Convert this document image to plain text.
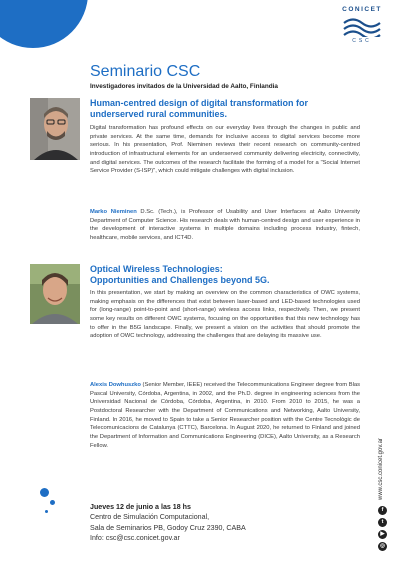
CONICET
CSC
Seminario CSC
Investigadores invitados de la Universidad de Aalto, Finlandia
Human-centred design of digital transformation for
underserved rural communities.
Digital transformation has profound effects on our everyday lives through the changes in public and private services. At the same time, demands for inclusive access to digital services become more serious. In his presentation, Prof. Nieminen reviews their recent research on community-centred introduction of infrastructural elements for an underserved community delivering electricity, connectivity, and digital services. The outcomes of the research facilitate the forming of a model for a "Social Internet Service Provider (S-ISP)", which could mitigate challenges with digital inclusion.
Marko Nieminen D.Sc. (Tech.), is Professor of Usability and User Interfaces at Aalto University Department of Computer Science. His research deals with human-centred design and user experience in the development of interactive systems in multiple domains including process industry, fintech, healthcare, mobile services, and ICT4D.
Optical Wireless Technologies:
Opportunities and Challenges beyond 5G.
In this presentation, we start by making an overview on the common characteristics of OWC systems, making emphasis on the differences that exist between laser-based and LED-based technologies used for (long-range) point-to-point and (short-range) wireless access links, respectively. Then, we present some key results on different OWC systems, focusing on the opportunities that this new technology has to offer in the B5G landscape. Finally, we present a vision on the activities that should promote the adoption of OWC technology, addressing the challenges that are delaying its massive use.
Alexis Dowhuszko (Senior Member, IEEE) received the Telecommunications Engineer degree from Blas Pascal University, Córdoba, Argentina, in 2002, and the Ph.D. degree in engineering sciences from the Universidad Nacional de Córdoba, Córdoba, Argentina, in 2010. From 2010 to 2015, he was a Postdoctoral Researcher with the Department of Communications and Networking, Aalto University, Finland. In 2016, he moved to Spain to take a Senior Researcher position with the Centre Tecnològic de Telecomunicacions de Catalunya (CTTC), Barcelona. In August 2020, he returned to Finland and joined the Department of Information and Communications Engineering (DICE), Aalto University, as a Research Fellow.
Jueves 12 de junio a las 18 hs
Centro de Simulación Computacional,
Sala de Seminarios PB, Godoy Cruz 2390, CABA
Info: csc@csc.conicet.gov.ar
www.csc.conicet.gov.ar
f
t
▶
◎
